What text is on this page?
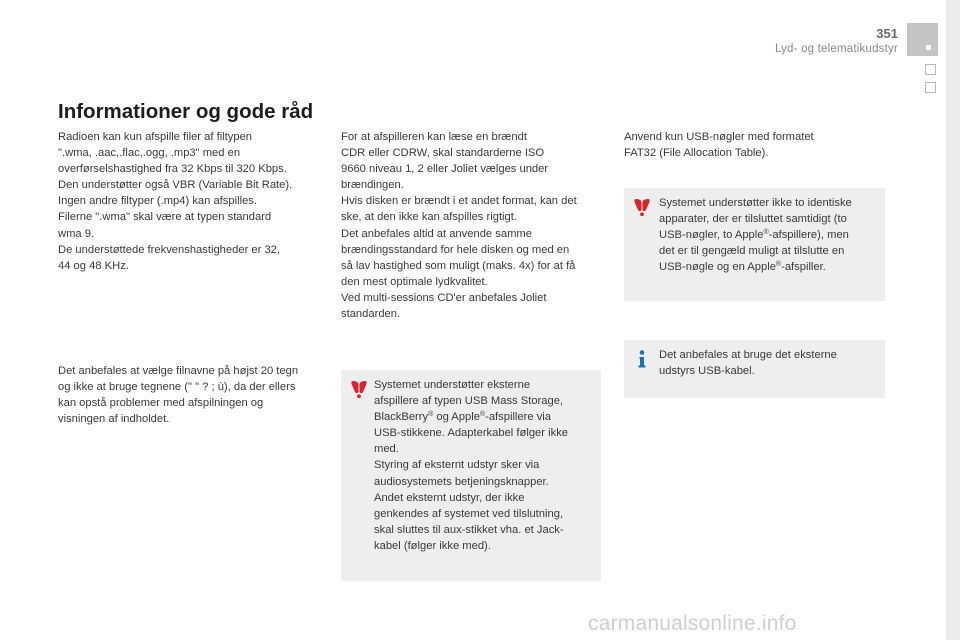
351
Lyd- og telematikudstyr
Informationer og gode råd

Radioen kan kun afspille filer af filtypen
".wma, .aac,.flac,.ogg, .mp3" med en
overførselshastighed fra 32 Kbps til 320 Kbps.
Den understøtter også VBR (Variable Bit Rate).
Ingen andre filtyper (.mp4) kan afspilles.
Filerne ".wma" skal være at typen standard
wma 9.
De understøttede frekvenshastigheder er 32,
44 og 48 KHz.

Det anbefales at vælge filnavne på højst 20 tegn
og ikke at bruge tegnene (" " ? ; ù), da der ellers
kan opstå problemer med afspilningen og
visningen af indholdet.

For at afspilleren kan læse en brændt
CDR eller CDRW, skal standarderne ISO
9660 niveau 1, 2 eller Joliet vælges under
brændingen.
Hvis disken er brændt i et andet format, kan det
ske, at den ikke kan afspilles rigtigt.
Det anbefales altid at anvende samme
brændingsstandard for hele disken og med en
så lav hastighed som muligt (maks. 4x) for at få
den mest optimale lydkvalitet.
Ved multi-sessions CD'er anbefales Joliet
standarden.

Systemet understøtter eksterne
afspillere af typen USB Mass Storage,
BlackBerry® og Apple®-afspillere via
USB-stikkene. Adapterkabel følger ikke
med.
Styring af eksternt udstyr sker via
audiosystemets betjeningsknapper.
Andet eksternt udstyr, der ikke
genkendes af systemet ved tilslutning,
skal sluttes til aux-stikket vha. et Jack-
kabel (følger ikke med).

Anvend kun USB-nøgler med formatet
FAT32 (File Allocation Table).

Systemet understøtter ikke to identiske
apparater, der er tilsluttet samtidigt (to
USB-nøgler, to Apple®-afspillere), men
det er til gengæld muligt at tilslutte en
USB-nøgle og en Apple®-afspiller.

Det anbefales at bruge det eksterne
udstyrs USB-kabel.

carmanualsonline.info
